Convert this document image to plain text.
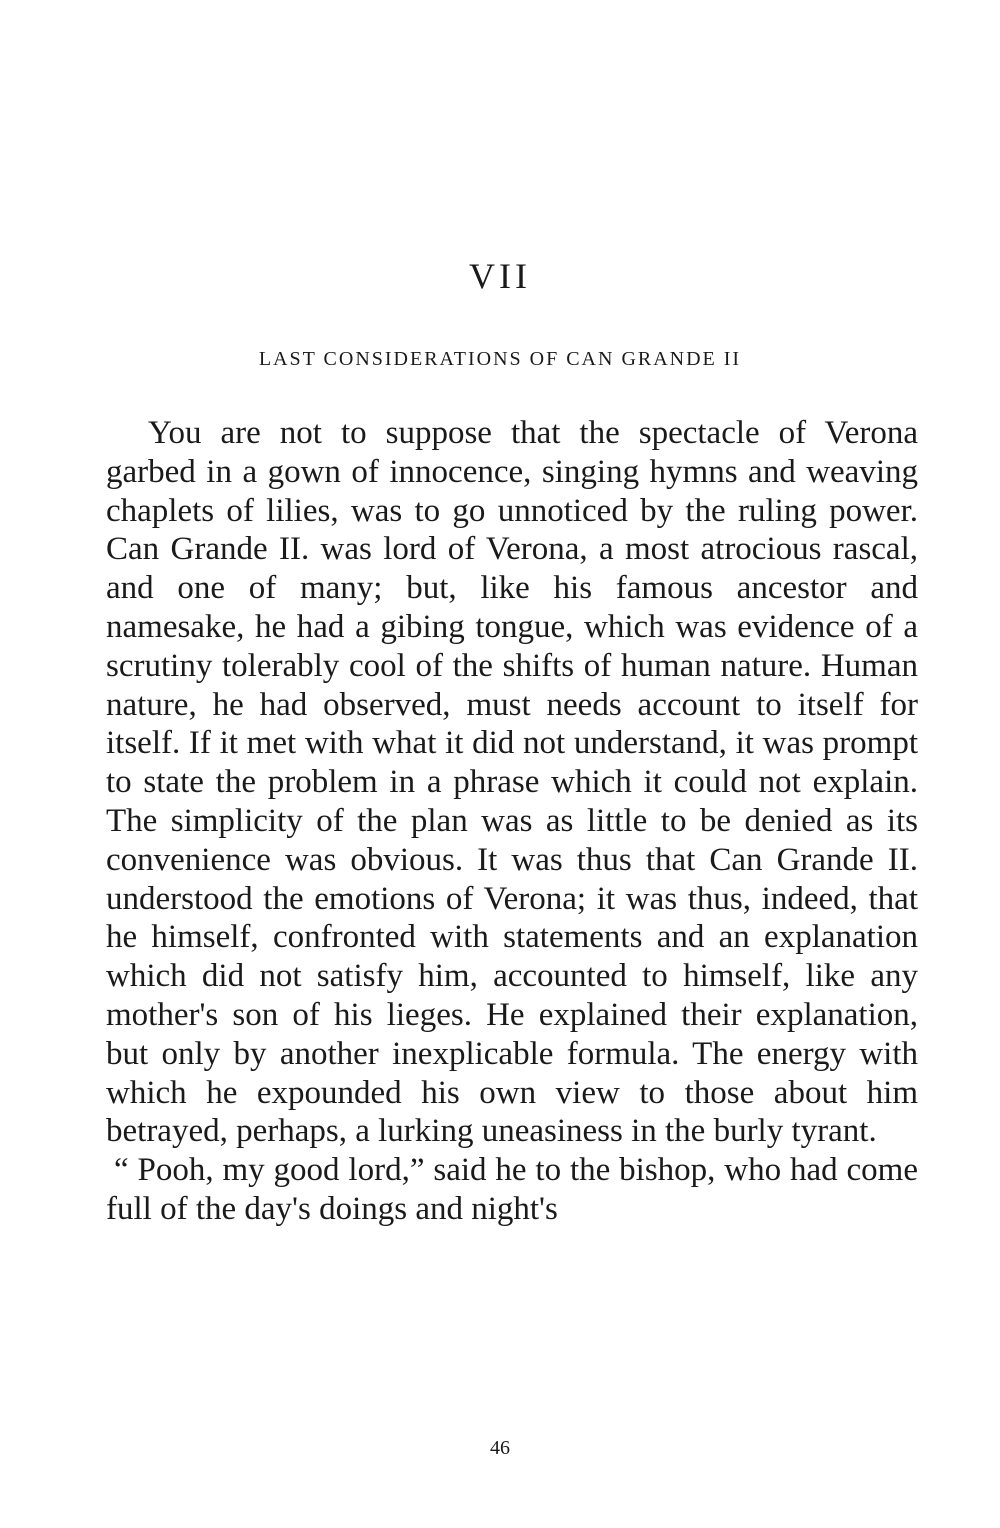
VII
LAST CONSIDERATIONS OF CAN GRANDE II

You are not to suppose that the spectacle of Verona garbed in a gown of innocence, singing hymns and weaving chaplets of lilies, was to go unnoticed by the ruling power. Can Grande II. was lord of Verona, a most atrocious rascal, and one of many; but, like his famous ancestor and namesake, he had a gibing tongue, which was evidence of a scrutiny tolerably cool of the shifts of human nature. Human nature, he had observed, must needs account to itself for itself. If it met with what it did not understand, it was prompt to state the problem in a phrase which it could not explain. The simplicity of the plan was as little to be denied as its convenience was obvious. It was thus that Can Grande II. understood the emotions of Verona; it was thus, indeed, that he himself, confronted with statements and an explanation which did not satisfy him, accounted to himself, like any mother's son of his lieges. He explained their explanation, but only by another inexplicable formula. The energy with which he expounded his own view to those about him betrayed, perhaps, a lurking uneasiness in the burly tyrant.

“ Pooh, my good lord,” said he to the bishop, who had come full of the day's doings and night's

46
